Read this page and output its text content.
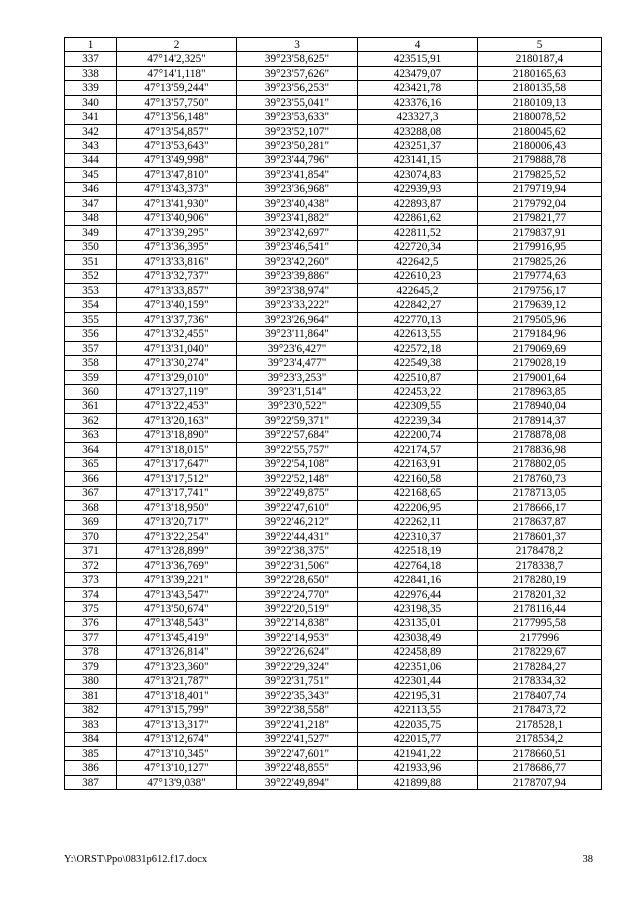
1	2	3	4	5
337	47°14'2,325"	39°23'58,625"	423515,91	2180187,4
338	47°14'1,118"	39°23'57,626"	423479,07	2180165,63
339	47°13'59,244"	39°23'56,253"	423421,78	2180135,58
340	47°13'57,750"	39°23'55,041"	423376,16	2180109,13
341	47°13'56,148"	39°23'53,633"	423327,3	2180078,52
342	47°13'54,857"	39°23'52,107"	423288,08	2180045,62
343	47°13'53,643"	39°23'50,281"	423251,37	2180006,43
344	47°13'49,998"	39°23'44,796"	423141,15	2179888,78
345	47°13'47,810"	39°23'41,854"	423074,83	2179825,52
346	47°13'43,373"	39°23'36,968"	422939,93	2179719,94
347	47°13'41,930"	39°23'40,438"	422893,87	2179792,04
348	47°13'40,906"	39°23'41,882"	422861,62	2179821,77
349	47°13'39,295"	39°23'42,697"	422811,52	2179837,91
350	47°13'36,395"	39°23'46,541"	422720,34	2179916,95
351	47°13'33,816"	39°23'42,260"	422642,5	2179825,26
352	47°13'32,737"	39°23'39,886"	422610,23	2179774,63
353	47°13'33,857"	39°23'38,974"	422645,2	2179756,17
354	47°13'40,159"	39°23'33,222"	422842,27	2179639,12
355	47°13'37,736"	39°23'26,964"	422770,13	2179505,96
356	47°13'32,455"	39°23'11,864"	422613,55	2179184,96
357	47°13'31,040"	39°23'6,427"	422572,18	2179069,69
358	47°13'30,274"	39°23'4,477"	422549,38	2179028,19
359	47°13'29,010"	39°23'3,253"	422510,87	2179001,64
360	47°13'27,119"	39°23'1,514"	422453,22	2178963,85
361	47°13'22,453"	39°23'0,522"	422309,55	2178940,04
362	47°13'20,163"	39°22'59,371"	422239,34	2178914,37
363	47°13'18,890"	39°22'57,684"	422200,74	2178878,08
364	47°13'18,015"	39°22'55,757"	422174,57	2178836,98
365	47°13'17,647"	39°22'54,108"	422163,91	2178802,05
366	47°13'17,512"	39°22'52,148"	422160,58	2178760,73
367	47°13'17,741"	39°22'49,875"	422168,65	2178713,05
368	47°13'18,950"	39°22'47,610"	422206,95	2178666,17
369	47°13'20,717"	39°22'46,212"	422262,11	2178637,87
370	47°13'22,254"	39°22'44,431"	422310,37	2178601,37
371	47°13'28,899"	39°22'38,375"	422518,19	2178478,2
372	47°13'36,769"	39°22'31,506"	422764,18	2178338,7
373	47°13'39,221"	39°22'28,650"	422841,16	2178280,19
374	47°13'43,547"	39°22'24,770"	422976,44	2178201,32
375	47°13'50,674"	39°22'20,519"	423198,35	2178116,44
376	47°13'48,543"	39°22'14,838"	423135,01	2177995,58
377	47°13'45,419"	39°22'14,953"	423038,49	2177996
378	47°13'26,814"	39°22'26,624"	422458,89	2178229,67
379	47°13'23,360"	39°22'29,324"	422351,06	2178284,27
380	47°13'21,787"	39°22'31,751"	422301,44	2178334,32
381	47°13'18,401"	39°22'35,343"	422195,31	2178407,74
382	47°13'15,799"	39°22'38,558"	422113,55	2178473,72
383	47°13'13,317"	39°22'41,218"	422035,75	2178528,1
384	47°13'12,674"	39°22'41,527"	422015,77	2178534,2
385	47°13'10,345"	39°22'47,601"	421941,22	2178660,51
386	47°13'10,127"	39°22'48,855"	421933,96	2178686,77
387	47°13'9,038"	39°22'49,894"	421899,88	2178707,94
Y:\ORST\Ppo\0831p612.f17.docx	38
